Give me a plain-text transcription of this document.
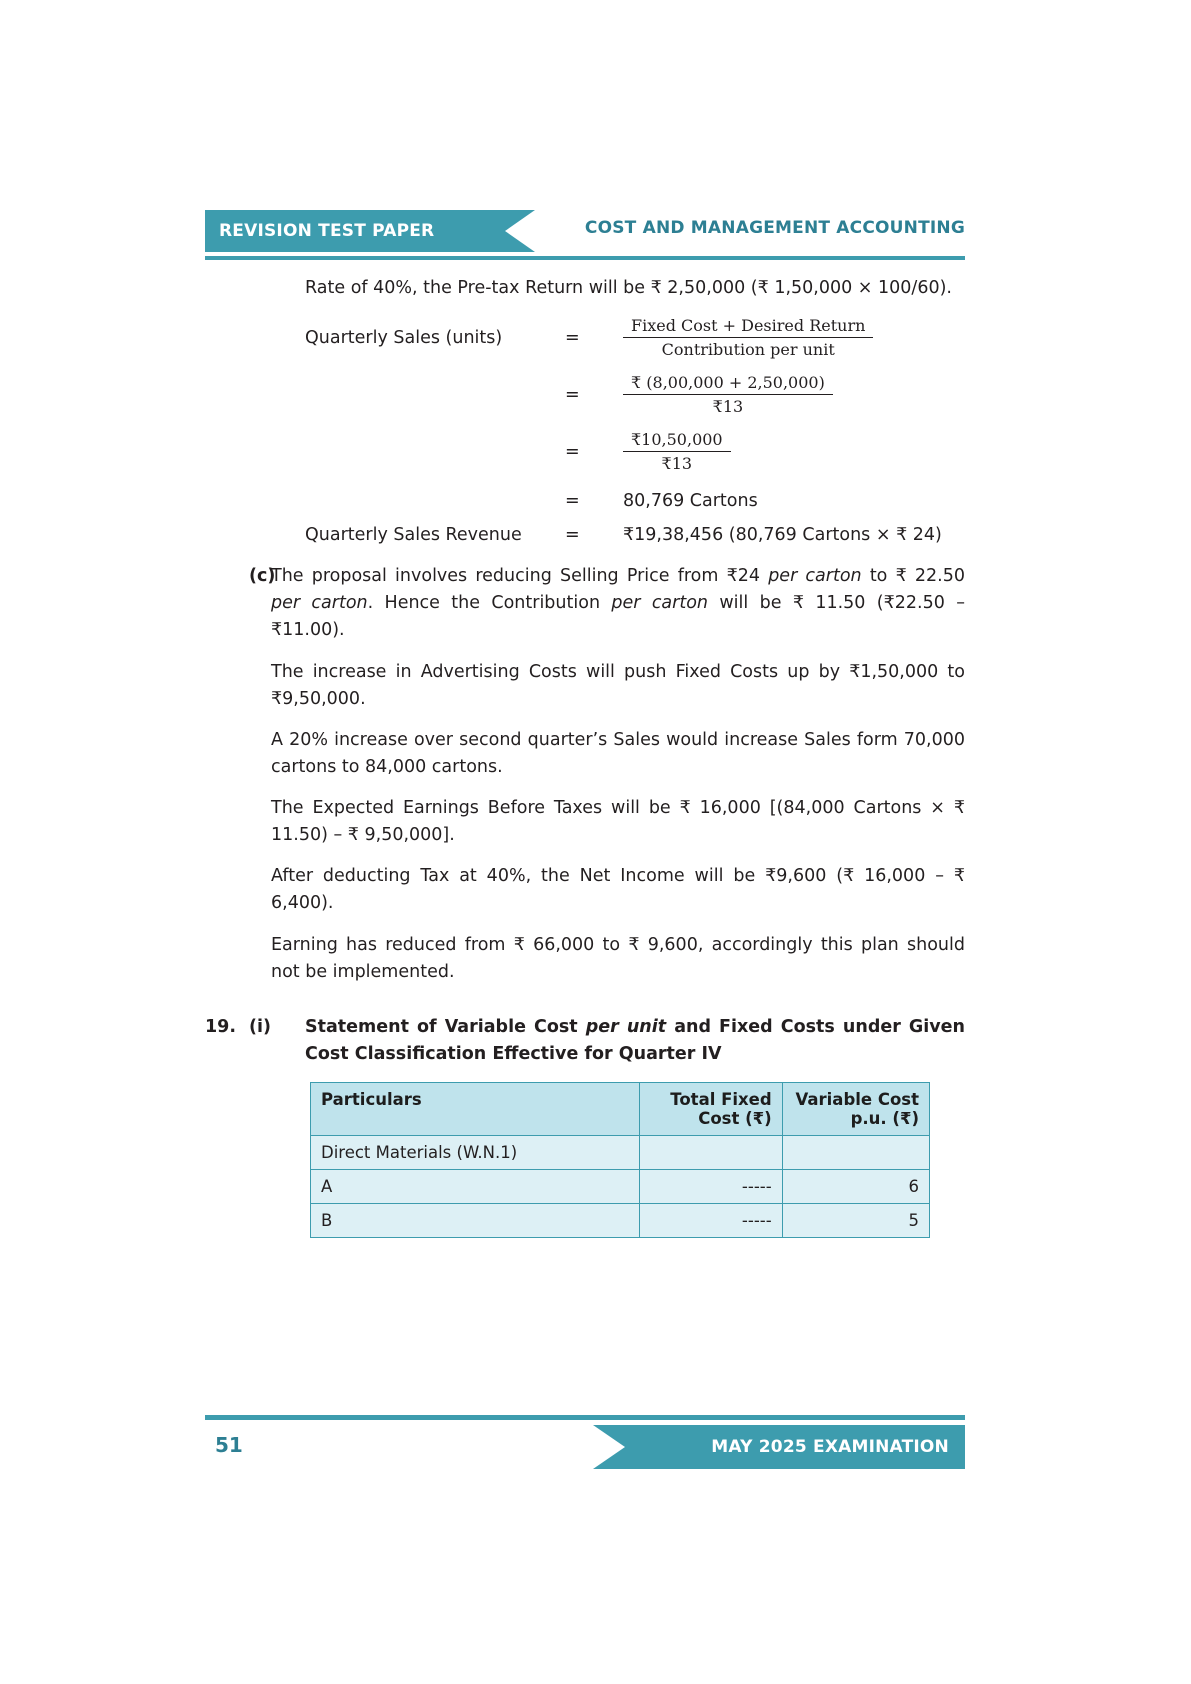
REVISION TEST PAPER	COST AND MANAGEMENT ACCOUNTING

Rate of 40%, the Pre-tax Return will be ₹ 2,50,000 (₹ 1,50,000 × 100/60).

Quarterly Sales (units)	=	$\frac{\text{Fixed Cost + Desired Return}}{\text{Contribution per unit}}$
=	$\frac{₹ (8,00,000 + 2,50,000)}{₹13}$
=	$\frac{₹10,50,000}{₹13}$
=	80,769 Cartons
Quarterly Sales Revenue	=	₹19,38,456 (80,769 Cartons × ₹ 24)
(c)

The proposal involves reducing Selling Price from ₹24 per carton to ₹ 22.50 per carton. Hence the Contribution per carton will be ₹ 11.50 (₹22.50 – ₹11.00).

The increase in Advertising Costs will push Fixed Costs up by ₹1,50,000 to ₹9,50,000.

A 20% increase over second quarter’s Sales would increase Sales form 70,000 cartons to 84,000 cartons.

The Expected Earnings Before Taxes will be ₹ 16,000 [(84,000 Cartons × ₹ 11.50) – ₹ 9,50,000].

After deducting Tax at 40%, the Net Income will be ₹9,600 (₹ 16,000 – ₹ 6,400).

Earning has reduced from ₹ 66,000 to ₹ 9,600, accordingly this plan should not be implemented.

19. (i)	Statement of Variable Cost per unit and Fixed Costs under Given Cost Classification Effective for Quarter IV
Particulars	Total Fixed Cost (₹)	Variable Cost p.u. (₹)
Direct Materials (W.N.1)		
A	-----	6
B	-----	5
51	MAY 2025 EXAMINATION
